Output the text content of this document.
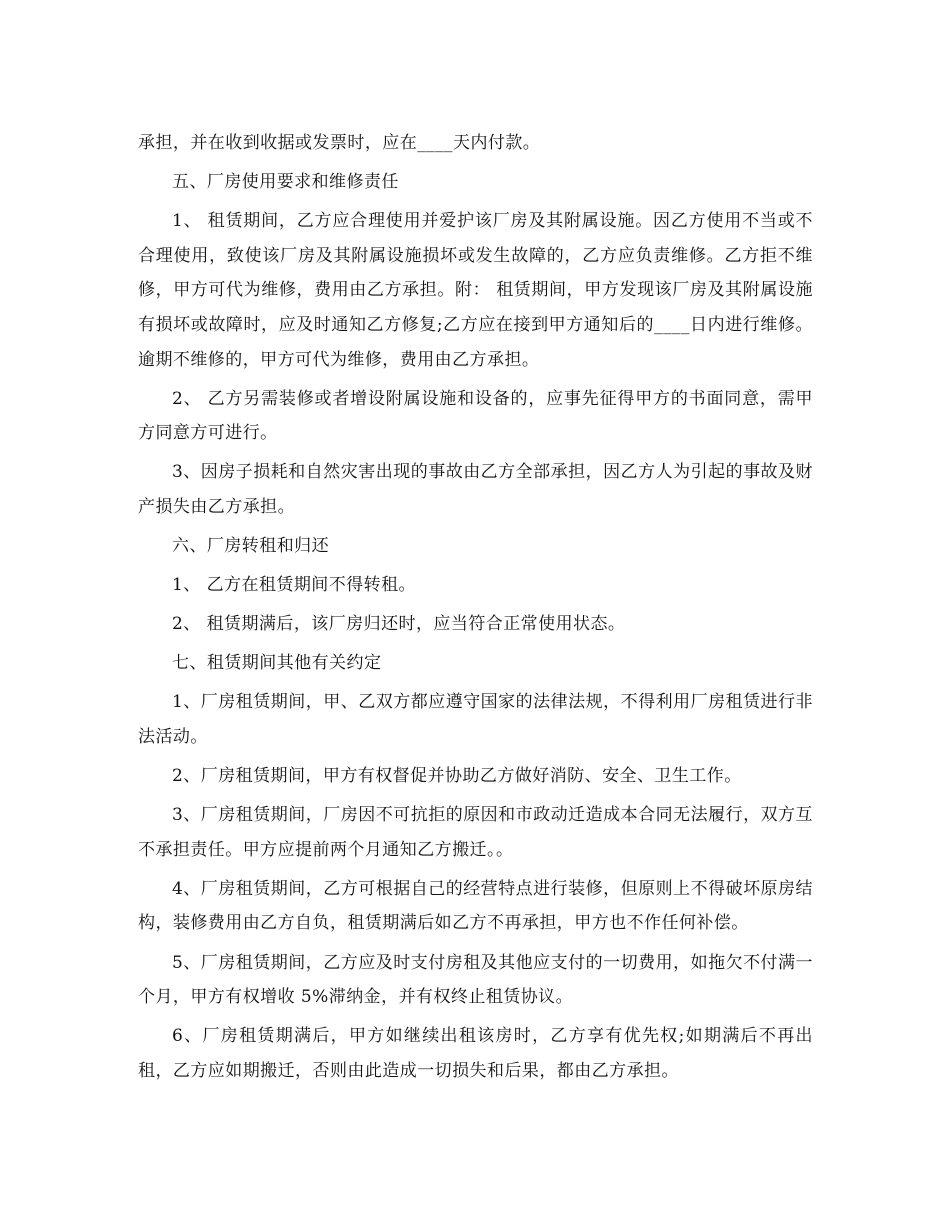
承担，并在收到收据或发票时，应在____天内付款。

五、厂房使用要求和维修责任

1、 租赁期间，乙方应合理使用并爱护该厂房及其附属设施。因乙方使用不当或不合理使用，致使该厂房及其附属设施损坏或发生故障的，乙方应负责维修。乙方拒不维修，甲方可代为维修，费用由乙方承担。附： 租赁期间，甲方发现该厂房及其附属设施有损坏或故障时，应及时通知乙方修复;乙方应在接到甲方通知后的____日内进行维修。逾期不维修的，甲方可代为维修，费用由乙方承担。

2、 乙方另需装修或者增设附属设施和设备的，应事先征得甲方的书面同意，需甲方同意方可进行。

3、因房子损耗和自然灾害出现的事故由乙方全部承担，因乙方人为引起的事故及财产损失由乙方承担。

六、厂房转租和归还

1、 乙方在租赁期间不得转租。

2、 租赁期满后，该厂房归还时，应当符合正常使用状态。

七、租赁期间其他有关约定

1、厂房租赁期间，甲、乙双方都应遵守国家的法律法规，不得利用厂房租赁进行非法活动。

2、厂房租赁期间，甲方有权督促并协助乙方做好消防、安全、卫生工作。

3、厂房租赁期间，厂房因不可抗拒的原因和市政动迁造成本合同无法履行，双方互不承担责任。甲方应提前两个月通知乙方搬迁。。

4、厂房租赁期间，乙方可根据自己的经营特点进行装修，但原则上不得破坏原房结构，装修费用由乙方自负，租赁期满后如乙方不再承担，甲方也不作任何补偿。

5、厂房租赁期间，乙方应及时支付房租及其他应支付的一切费用，如拖欠不付满一个月，甲方有权增收 5%滞纳金，并有权终止租赁协议。

6、厂房租赁期满后，甲方如继续出租该房时，乙方享有优先权;如期满后不再出租，乙方应如期搬迁，否则由此造成一切损失和后果，都由乙方承担。
